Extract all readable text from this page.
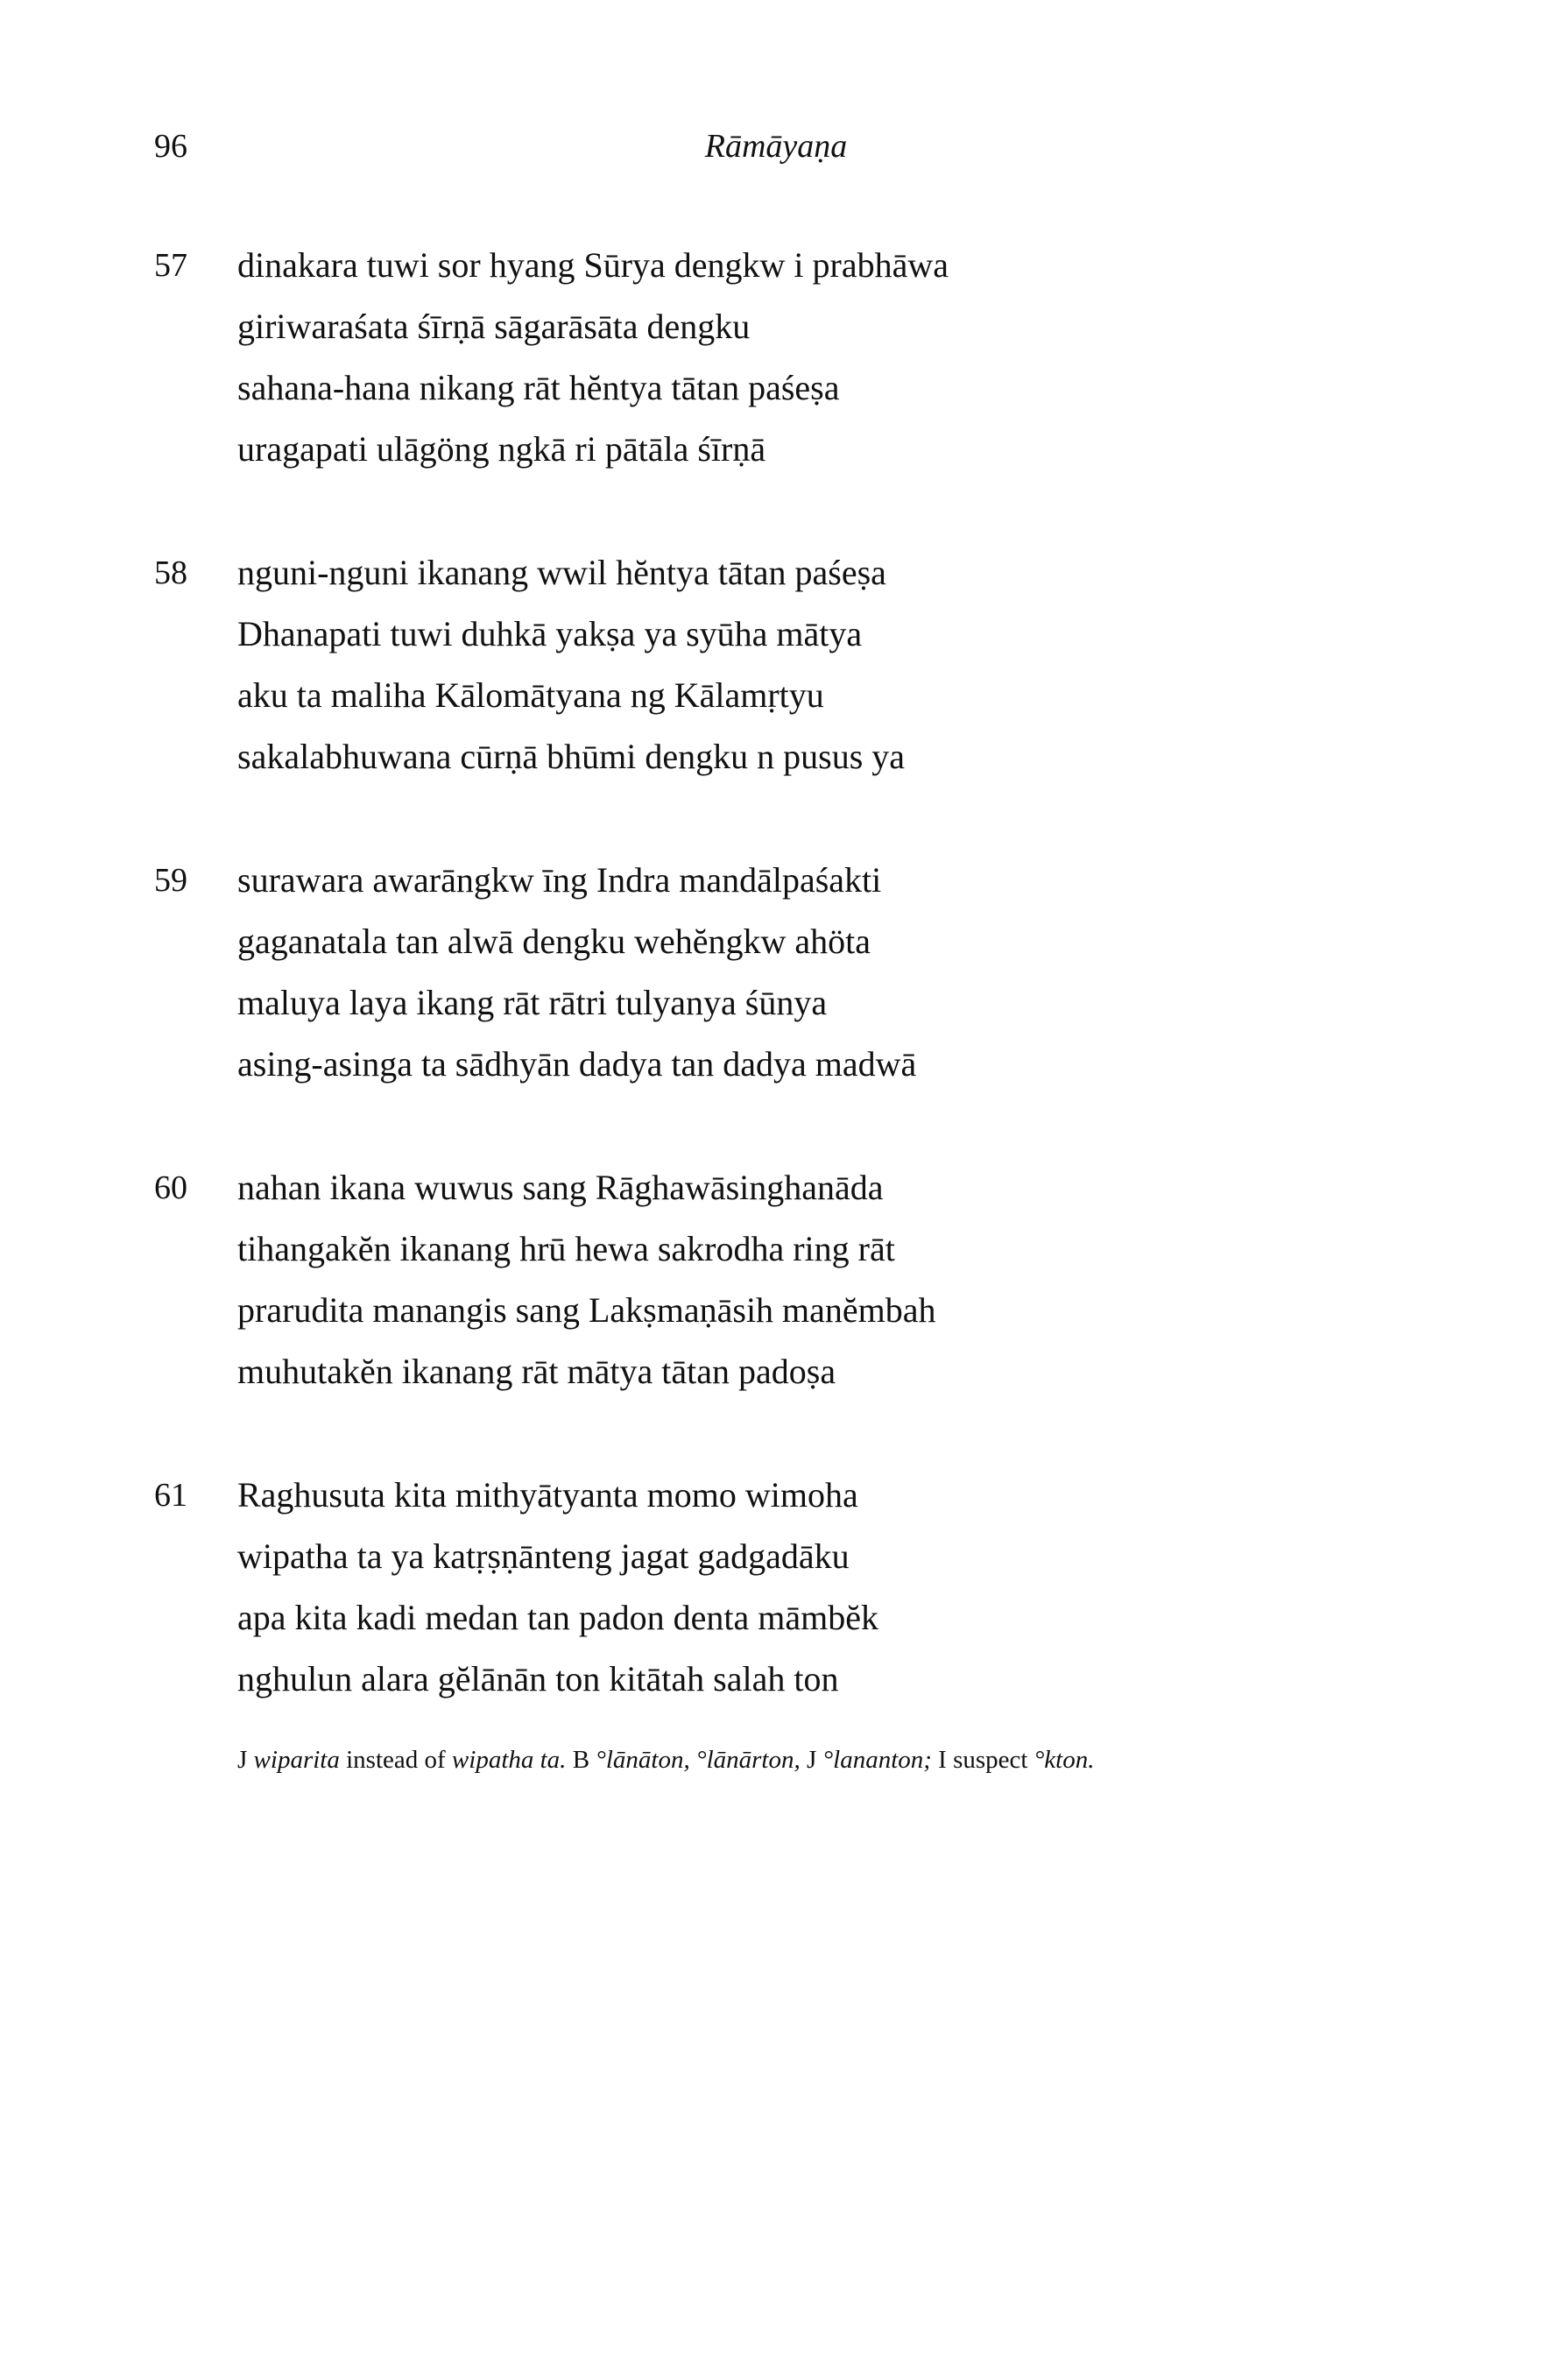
96	Rāmāyaṇa
57 dinakara tuwi sor hyang Sūrya dengkw i prabhāwa
giriwaraśata śīrṇā sāgarāsāta dengku
sahana-hana nikang rāt hĕntya tātan paśeṣa
uragapati ulāgöng ngkā ri pātāla śīrṇā
58 nguni-nguni ikanang wwil hĕntya tātan paśeṣa
Dhanapati tuwi duhkā yakṣa ya syūha mātya
aku ta maliha Kālomātyana ng Kālamṛtyu
sakalabhuwana cūrṇā bhūmi dengku n pusus ya
59 surawara awarāngkw īng Indra mandālpaśakti
gaganatala tan alwā dengku wehĕngkw ahöta
maluya laya ikang rāt rātri tulyanya śūnya
asing-asinga ta sādhyān dadya tan dadya madwā
60 nahan ikana wuwus sang Rāghawāsinghanāda
tihangakĕn ikanang hrū hewa sakrodha ring rāt
prarudita manangis sang Lakṣmaṇāsih manĕmbah
muhutakĕn ikanang rāt mātya tātan padoṣa
61 Raghusuta kita mithyātyanta momo wimoha
wipatha ta ya katṛṣṇānteng jagat gadgadāku
apa kita kadi medan tan padon denta māmbĕk
nghulun alara gĕlānān ton kitātah salah ton
J wiparita instead of wipatha ta. B °lānāton, °lānārton, J °lananton; I suspect °kton.
